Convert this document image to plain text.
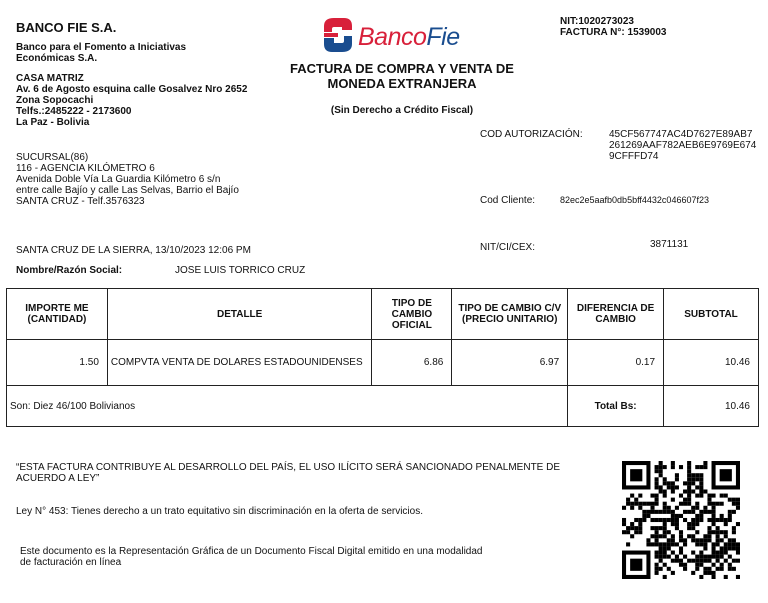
BANCO FIE S.A.
Banco para el Fomento a Iniciativas
Económicas S.A.
CASA MATRIZ
Av. 6 de Agosto esquina calle Gosalvez Nro 2652
Zona Sopocachi
Telfs.:2485222 - 2173600
La Paz - Bolivia
BancoFie
NIT:1020273023
FACTURA N°: 1539003
FACTURA DE COMPRA Y VENTA DE
MONEDA EXTRANJERA
(Sin Derecho a Crédito Fiscal)
SUCURSAL(86)
116 - AGENCIA KILÓMETRO 6
Avenida Doble Vía La Guardia Kilómetro 6 s/n
entre calle Bajío y calle Las Selvas, Barrio el Bajío
SANTA CRUZ - Telf.3576323
COD AUTORIZACIÓN:	45CF567747AC4D7627E89AB7
261269AAF782AEB6E9769E674
9CFFFD74
Cod Cliente:	82ec2e5aafb0db5bff4432c046607f23
SANTA CRUZ DE LA SIERRA, 13/10/2023 12:06 PM	NIT/CI/CEX:	3871131
Nombre/Razón Social:	JOSE LUIS TORRICO CRUZ
IMPORTE ME (CANTIDAD)	DETALLE	TIPO DE CAMBIO OFICIAL	TIPO DE CAMBIO C/V (PRECIO UNITARIO)	DIFERENCIA DE CAMBIO	SUBTOTAL
1.50	COMPVTA VENTA DE DOLARES ESTADOUNIDENSES	6.86	6.97	0.17	10.46
Son: Diez 46/100 Bolivianos				Total Bs:	10.46
“ESTA FACTURA CONTRIBUYE AL DESARROLLO DEL PAÍS, EL USO ILÍCITO SERÁ SANCIONADO PENALMENTE DE ACUERDO A LEY”
Ley N° 453: Tienes derecho a un trato equitativo sin discriminación en la oferta de servicios.
Este documento es la Representación Gráfica de un Documento Fiscal Digital emitido en una modalidad
de facturación en línea
